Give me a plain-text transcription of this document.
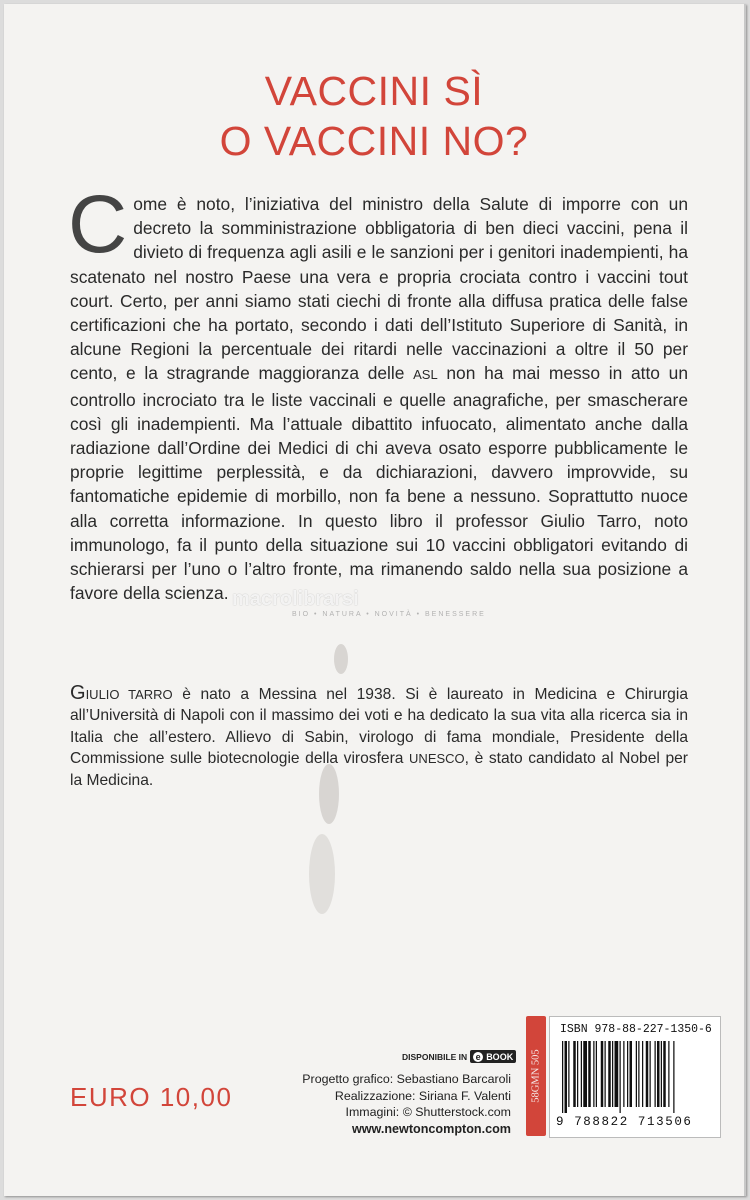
VACCINI SÌ
O VACCINI NO?
Come è noto, l’iniziativa del ministro della Salute di imporre con un decreto la somministrazione obbligatoria di ben dieci vaccini, pena il divieto di frequenza agli asili e le sanzioni per i genitori inadempienti, ha scatenato nel nostro Paese una vera e propria crociata contro i vaccini tout court. Certo, per anni siamo stati ciechi di fronte alla diffusa pratica delle false certificazioni che ha portato, secondo i dati dell’Istituto Superiore di Sanità, in alcune Regioni la percentuale dei ritardi nelle vaccinazioni a oltre il 50 per cento, e la stragrande maggioranza delle ASL non ha mai messo in atto un controllo incrociato tra le liste vaccinali e quelle anagrafiche, per smascherare così gli inadempienti. Ma l’attuale dibattito infuocato, alimentato anche dalla radiazione dall’Ordine dei Medici di chi aveva osato esporre pubblicamente le proprie legittime perplessità, e da dichiarazioni, davvero improvvide, su fantomatiche epidemie di morbillo, non fa bene a nessuno. Soprattutto nuoce alla corretta informazione. In questo libro il professor Giulio Tarro, noto immunologo, fa il punto della situazione sui 10 vaccini obbligatori evitando di schierarsi per l’uno o l’altro fronte, ma rimanendo saldo nella sua posizione a favore della scienza. macrolibrarsi
BIO • NATURA • NOVITÀ • BENESSERE
GIULIO TARRO è nato a Messina nel 1938. Si è laureato in Medicina e Chirurgia all’Università di Napoli con il massimo dei voti e ha dedicato la sua vita alla ricerca sia in Italia che all’estero. Allievo di Sabin, virologo di fama mondiale, Presidente della Commissione sulle biotecnologie della virosfera UNESCO, è stato candidato al Nobel per la Medicina.
DISPONIBILE IN e BOOK
Progetto grafico: Sebastiano Barcaroli
Realizzazione: Siriana F. Valenti
Immagini: © Shutterstock.com
www.newtoncompton.com
58GMN 505
ISBN 978-88-227-1350-6
9 788822 713506
EURO 10,00
